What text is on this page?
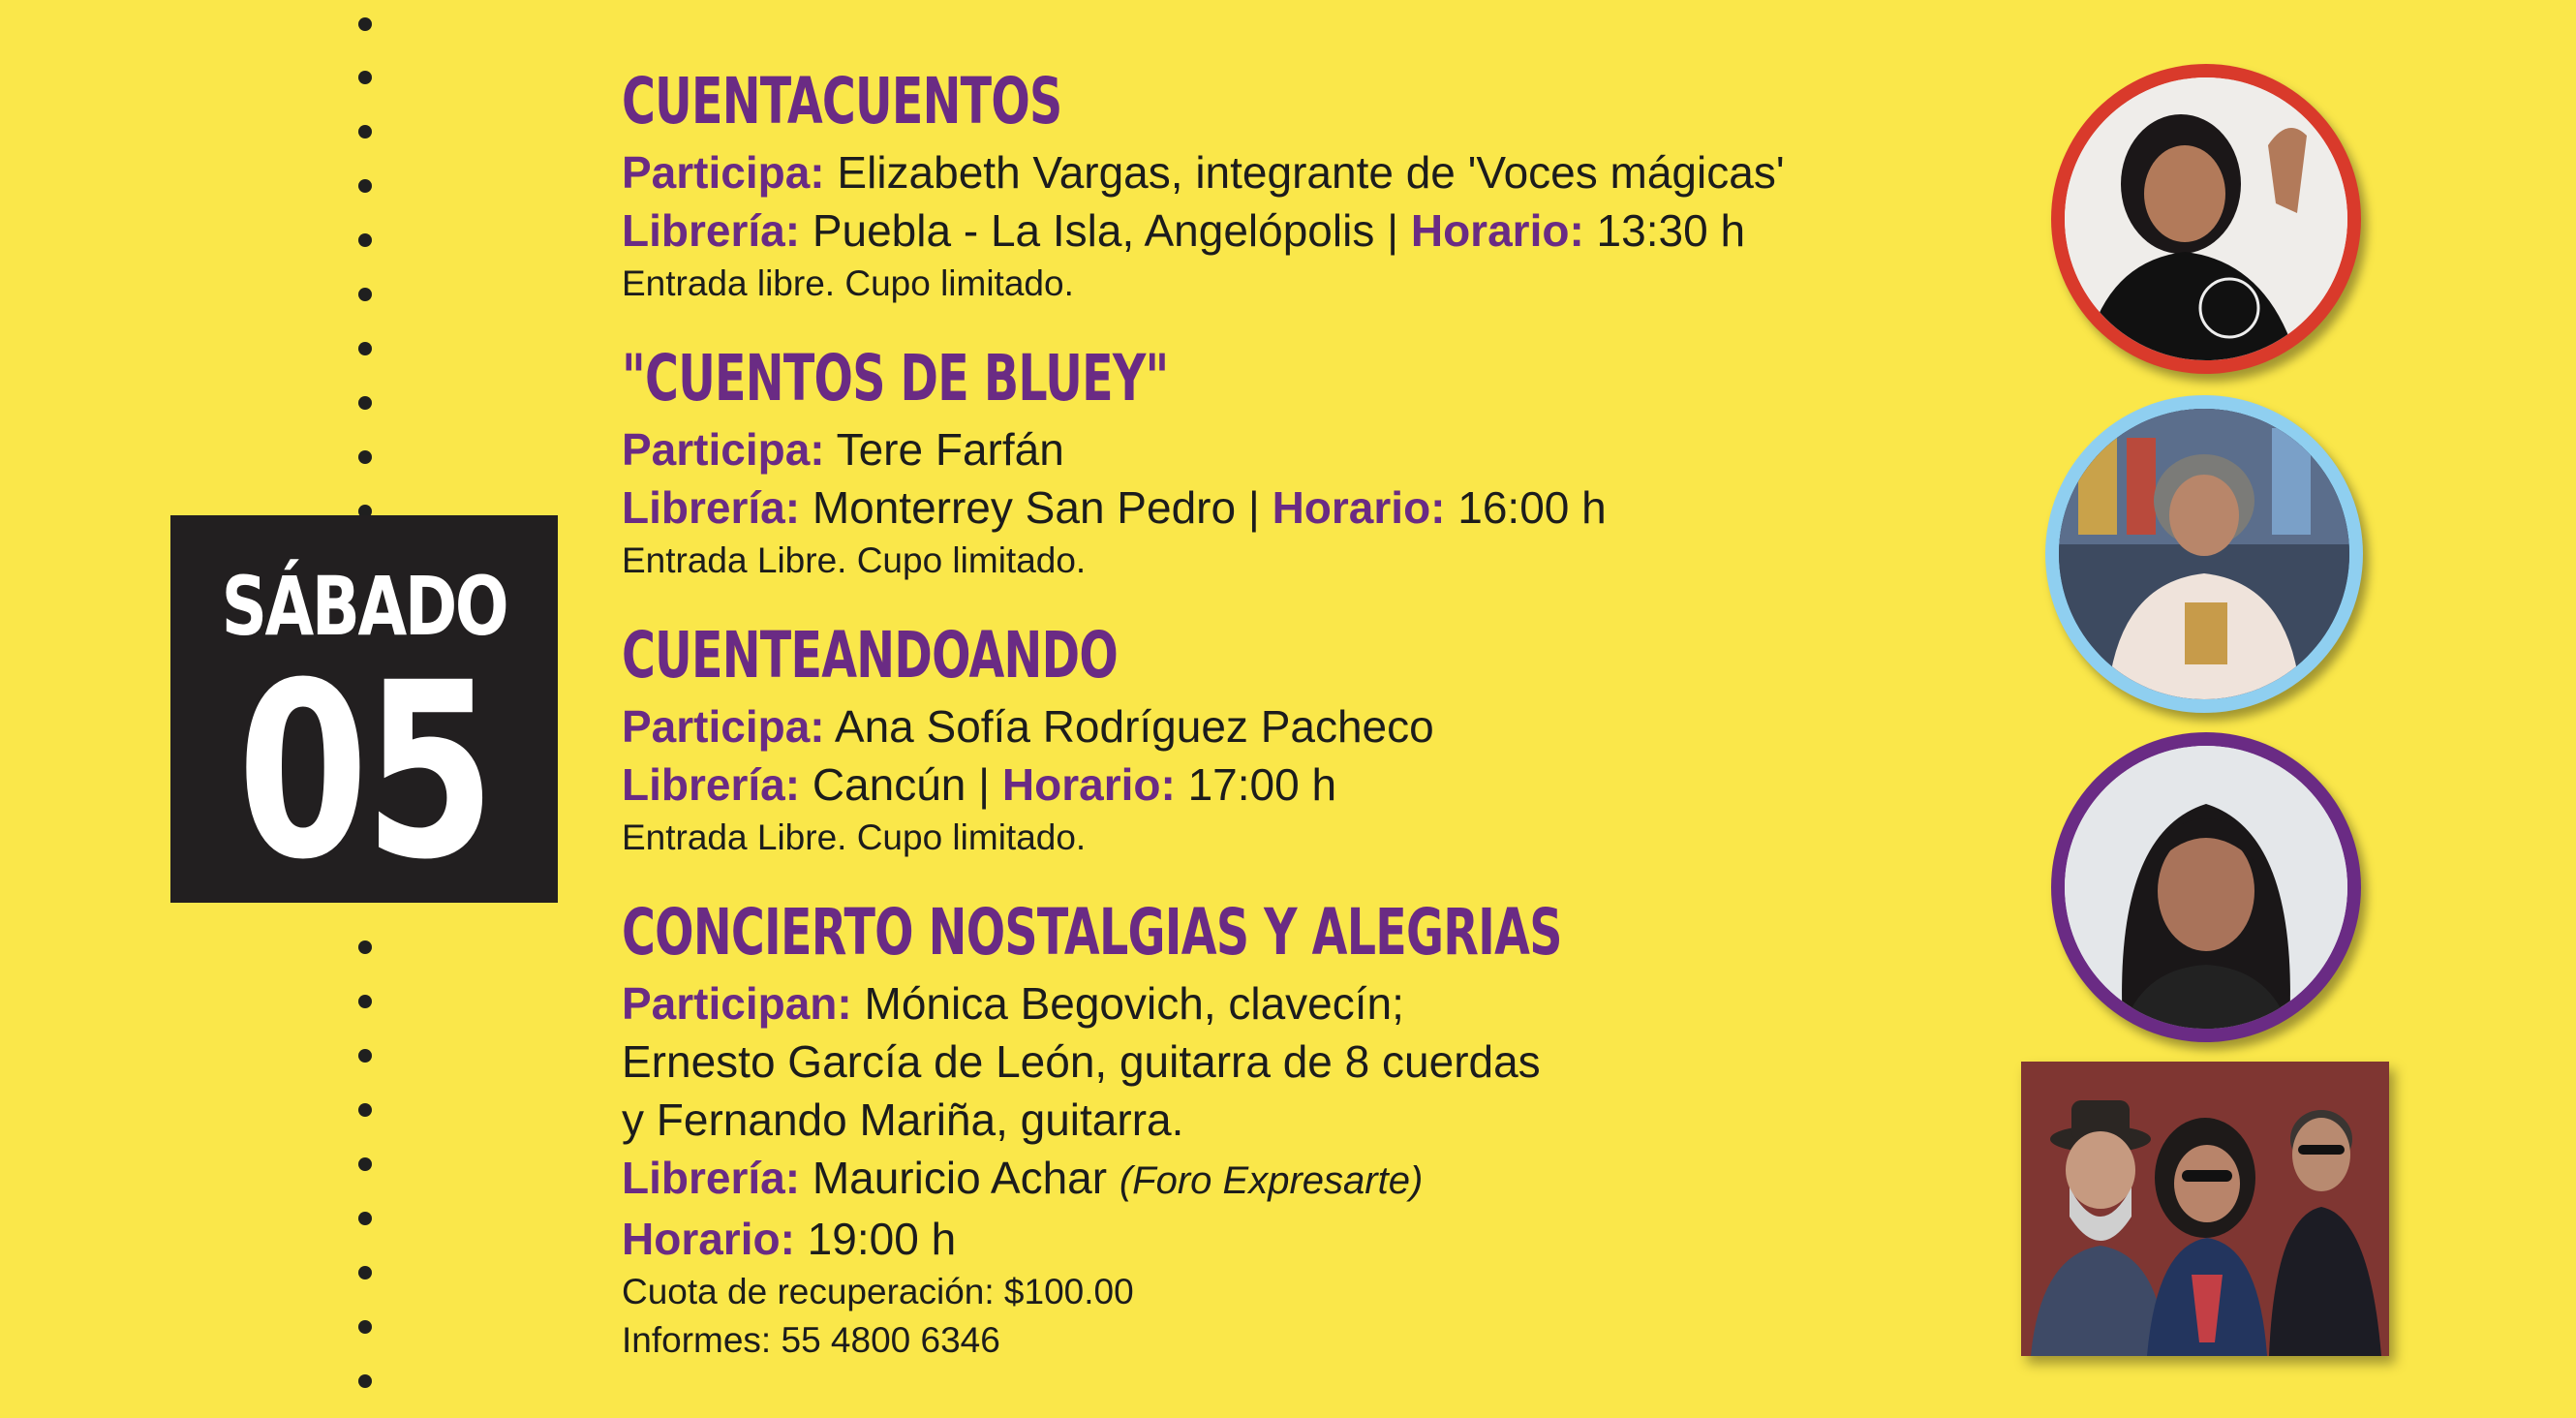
SÁBADO
05
CUENTACUENTOS
Participa: Elizabeth Vargas, integrante de 'Voces mágicas'
Librería: Puebla - La Isla, Angelópolis | Horario: 13:30 h
Entrada libre. Cupo limitado.
"CUENTOS DE BLUEY"
Participa: Tere Farfán
Librería: Monterrey San Pedro | Horario: 16:00 h
Entrada Libre. Cupo limitado.
CUENTEANDOANDO
Participa: Ana Sofía Rodríguez Pacheco
Librería: Cancún | Horario: 17:00 h
Entrada Libre. Cupo limitado.
CONCIERTO NOSTALGIAS Y ALEGRIAS
Participan: Mónica Begovich, clavecín;
Ernesto García de León, guitarra de 8 cuerdas
y Fernando Mariña, guitarra.
Librería: Mauricio Achar (Foro Expresarte)
Horario: 19:00 h
Cuota de recuperación: $100.00
Informes: 55 4800 6346
